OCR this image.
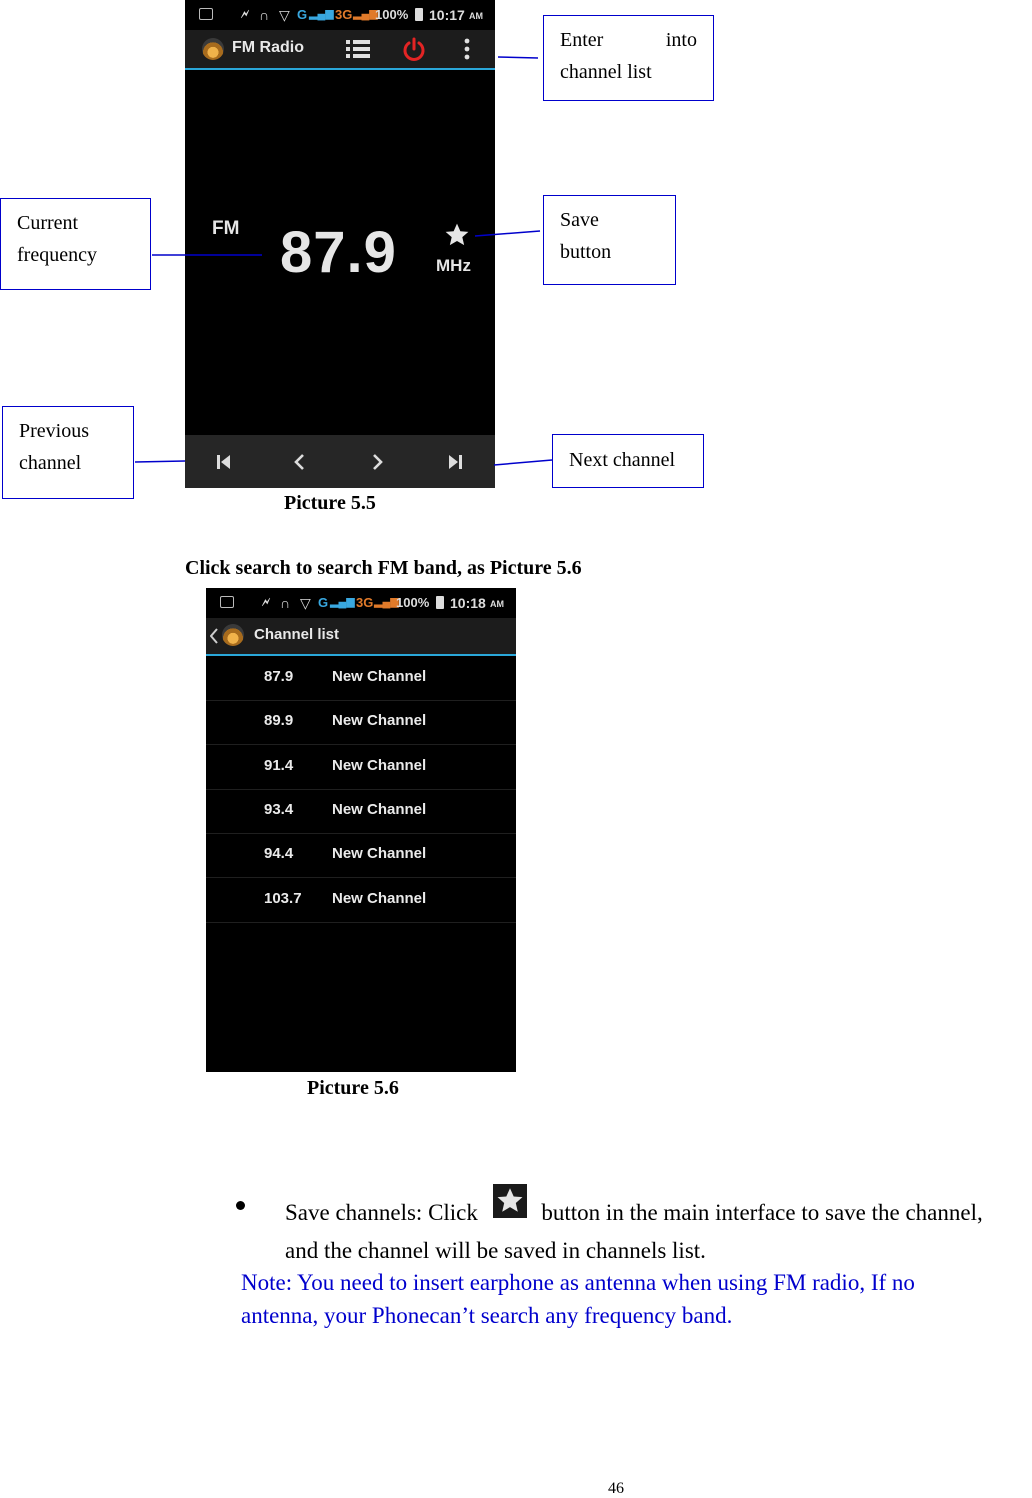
🗲 ∩ ▽ G ▂▄▆ 3G ▂▄▆
100% 10:17 AM
FM Radio
FM 87.9 MHz
Enter	into
channel list
Save
button
Current
frequency
Previous
channel	Next channel
Picture 5.5
Click search to search FM band, as Picture 5.6
🗲 ∩ ▽ G ▂▄▆ 3G ▂▄▆
100% 10:18 AM
Channel list
87.9	New Channel
89.9	New Channel
91.4	New Channel
93.4	New Channel
94.4	New Channel
103.7 New Channel
Picture 5.6
Save channels: Click	button in the main interface to save the channel,
and the channel will be saved in channels list.
Note: You need to insert earphone as antenna when using FM radio, If no
antenna, your Phonecan’t search any frequency band.
46
